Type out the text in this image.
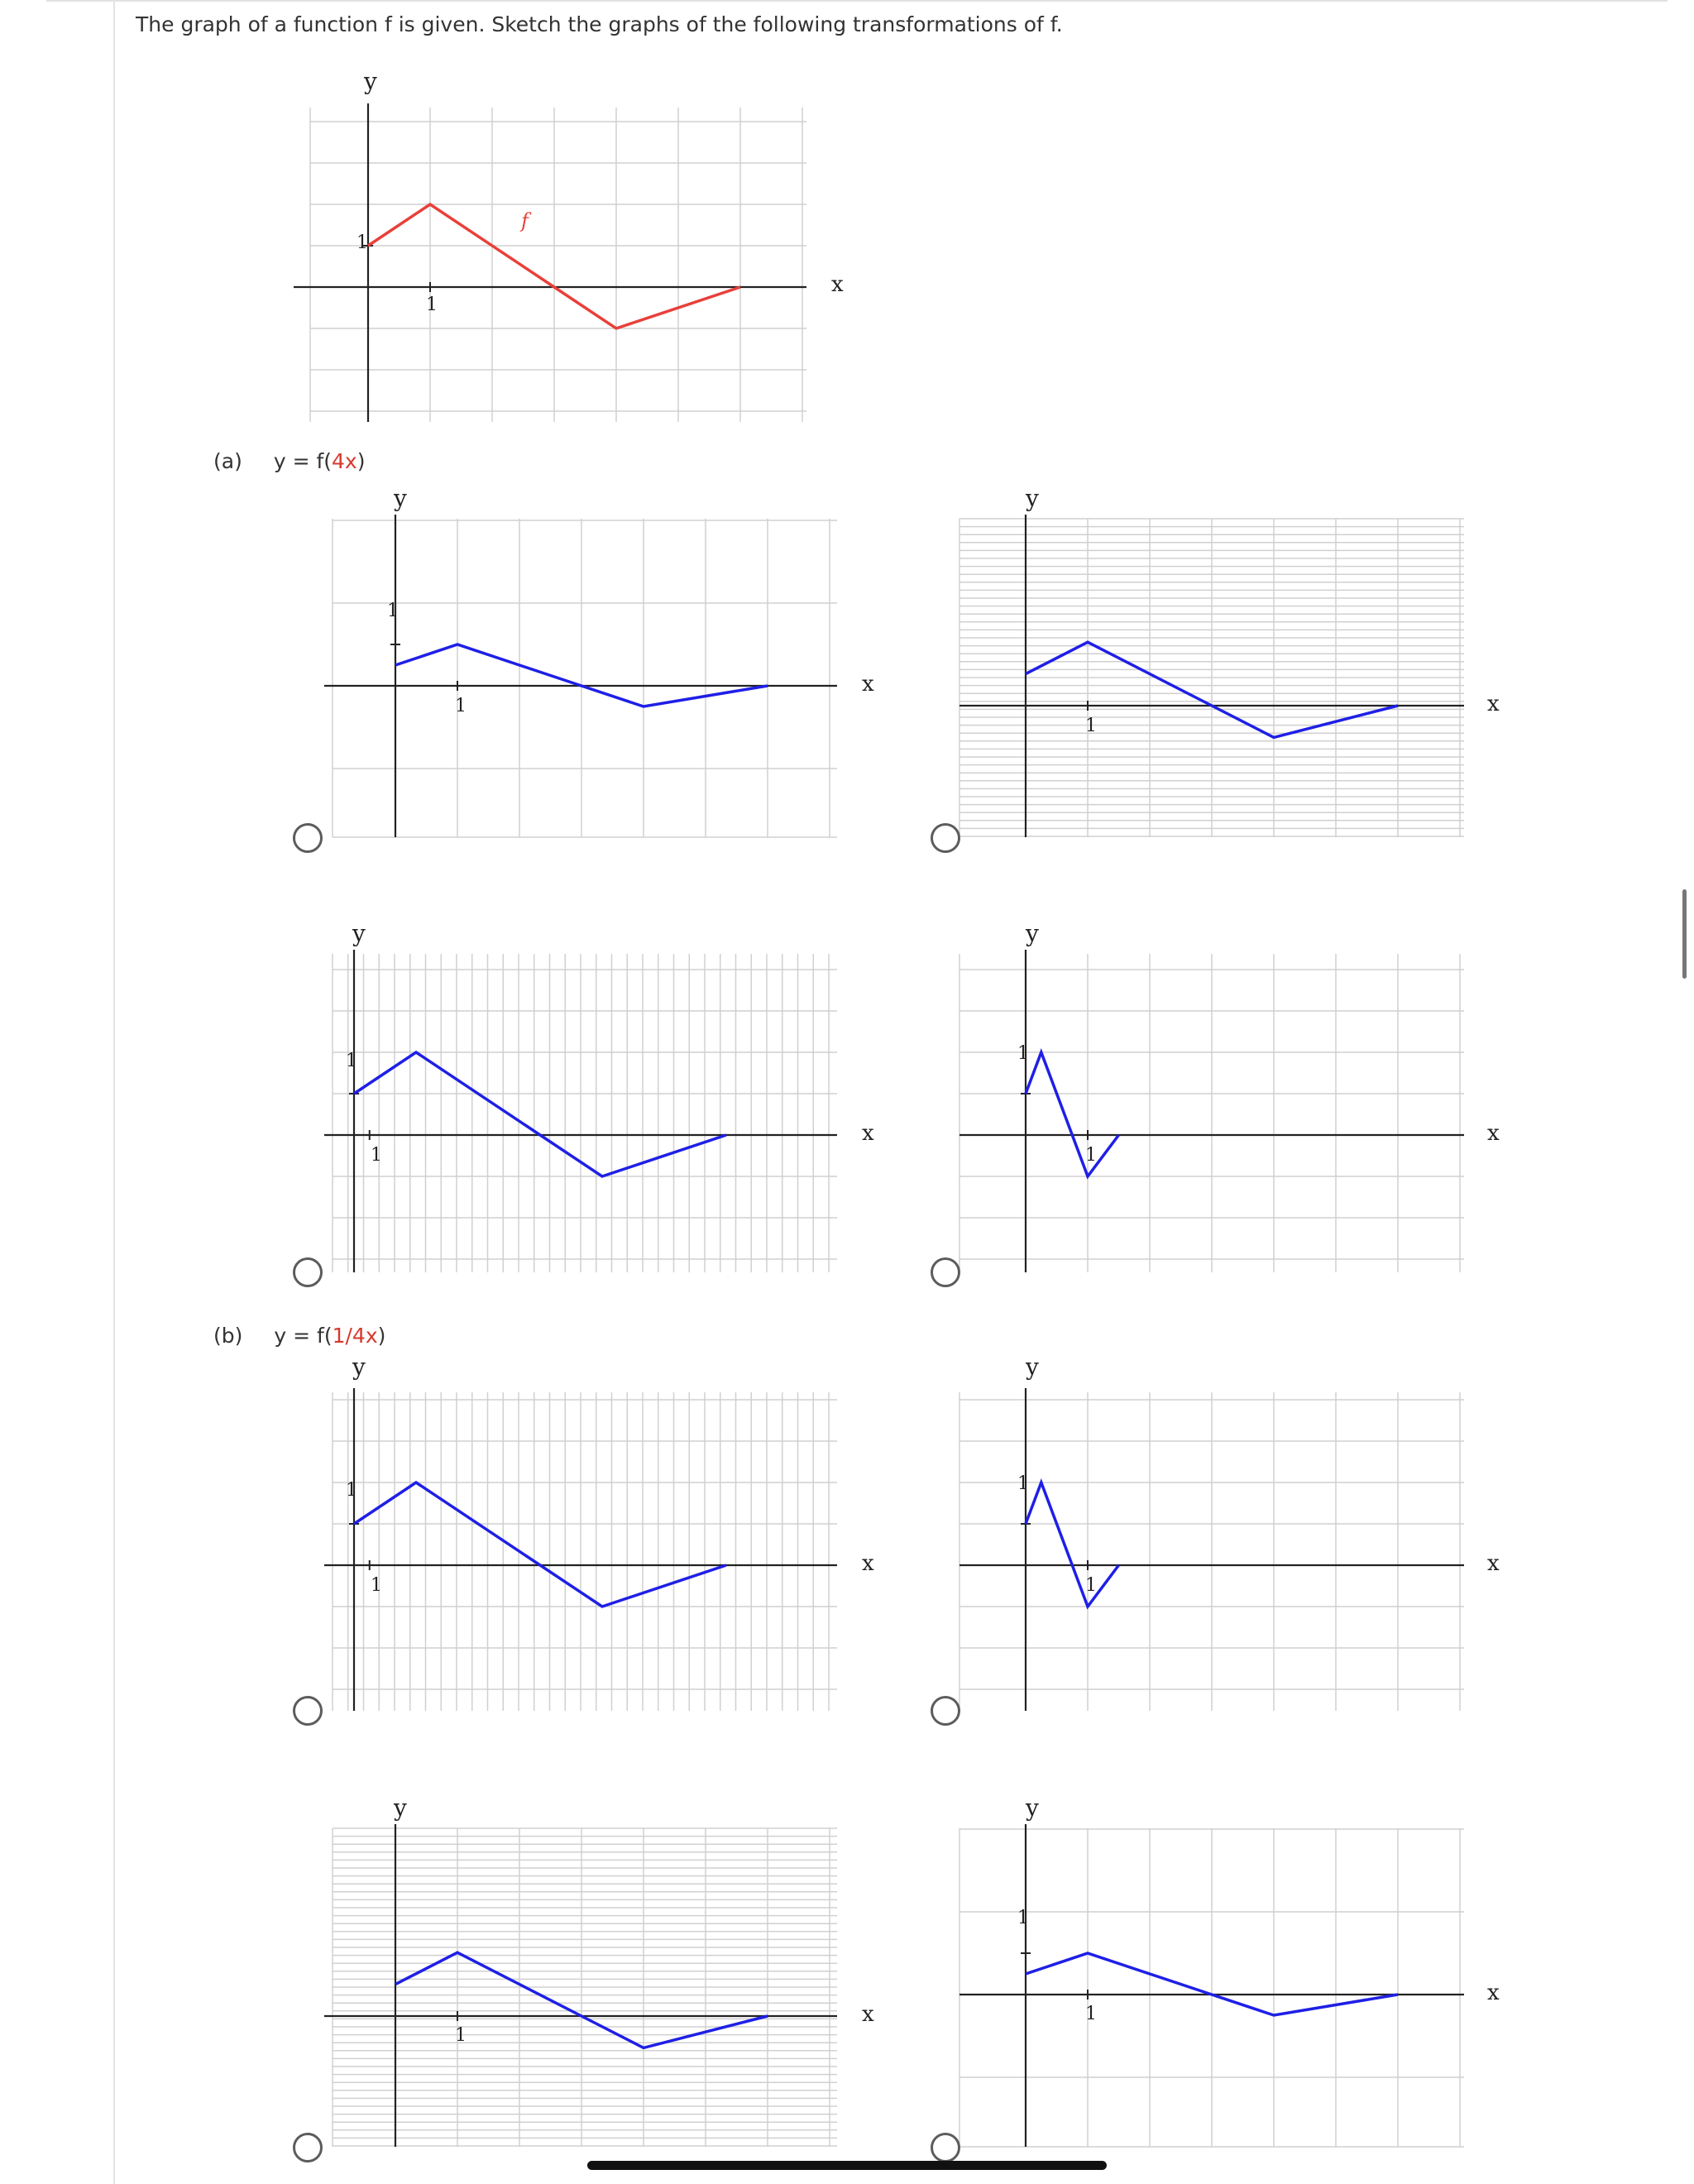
The graph of a function f is given. Sketch the graphs of the following transformations of f.
x
y
1
1
f
(a) y = f(4x)
x
y
1
1
x
y
1
x
y
1
1
x
y
1
1
(b) y = f(1/4x)
x
y
1
1
x
y
1
1
x
y
1
x
y
1
1
